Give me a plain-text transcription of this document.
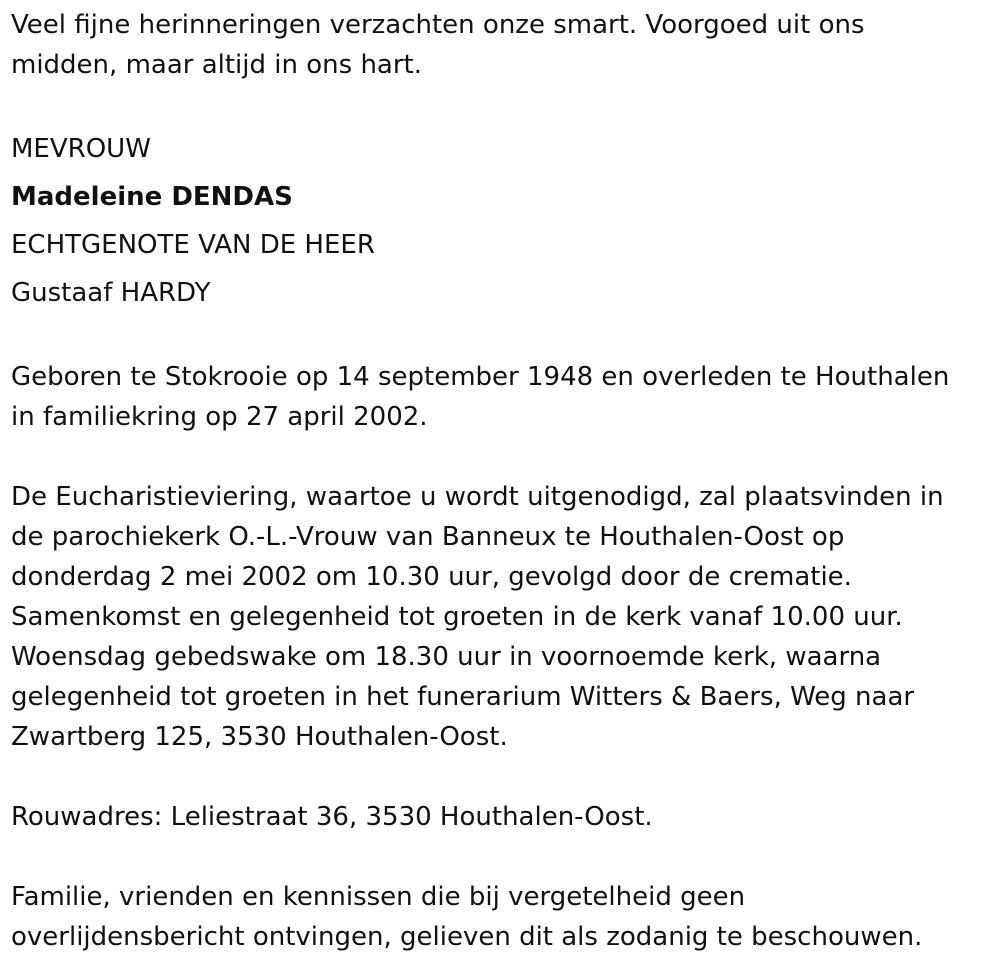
Veel fijne herinneringen verzachten onze smart. Voorgoed uit ons
midden, maar altijd in ons hart.
MEVROUW
Madeleine DENDAS
ECHTGENOTE VAN DE HEER
Gustaaf HARDY
Geboren te Stokrooie op 14 september 1948 en overleden te Houthalen
in familiekring op 27 april 2002.
De Eucharistieviering, waartoe u wordt uitgenodigd, zal plaatsvinden in
de parochiekerk O.-L.-Vrouw van Banneux te Houthalen-Oost op
donderdag 2 mei 2002 om 10.30 uur, gevolgd door de crematie.
Samenkomst en gelegenheid tot groeten in de kerk vanaf 10.00 uur.
Woensdag gebedswake om 18.30 uur in voornoemde kerk, waarna
gelegenheid tot groeten in het funerarium Witters & Baers, Weg naar
Zwartberg 125, 3530 Houthalen-Oost.
Rouwadres: Leliestraat 36, 3530 Houthalen-Oost.
Familie, vrienden en kennissen die bij vergetelheid geen
overlijdensbericht ontvingen, gelieven dit als zodanig te beschouwen.
